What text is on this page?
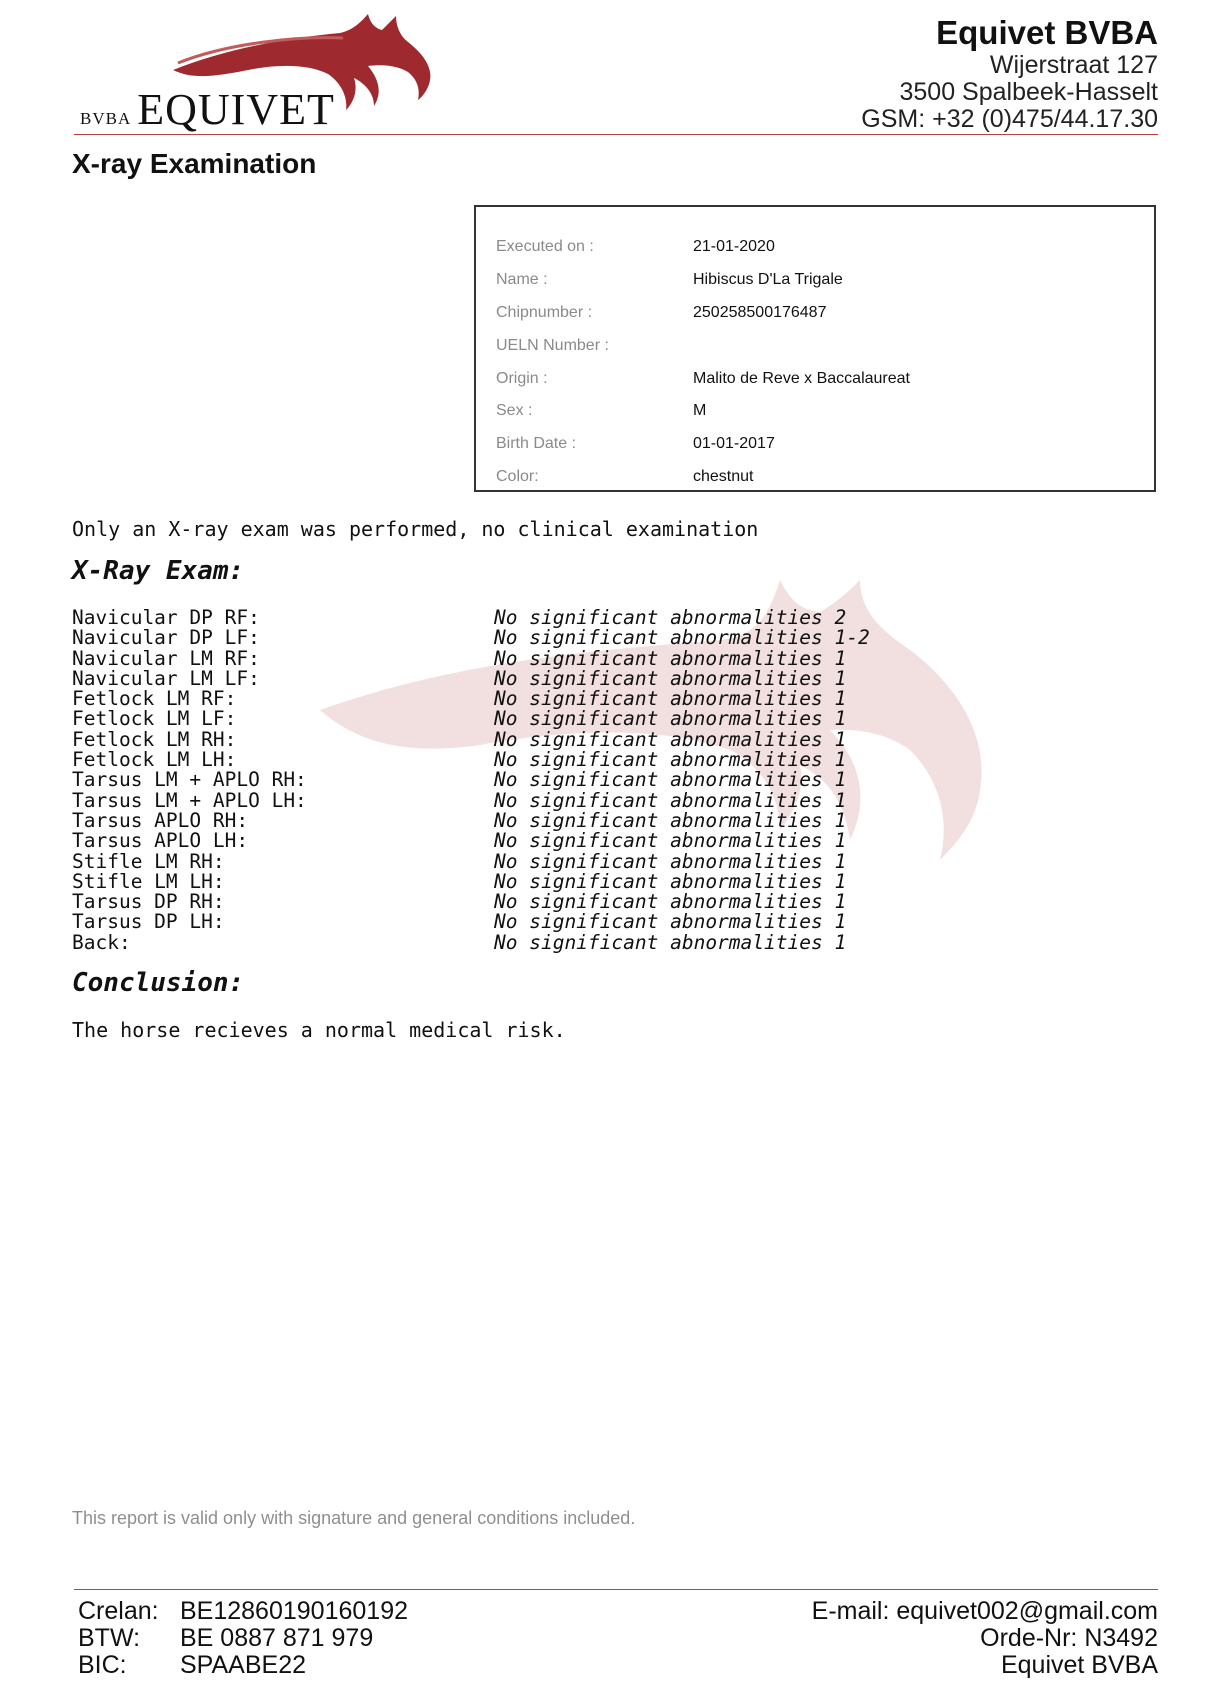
BVBA EQUIVET
Equivet BVBA
Wijerstraat 127
3500 Spalbeek-Hasselt
GSM: +32 (0)475/44.17.30
X-ray Examination
Executed on :	21-01-2020
Name :	Hibiscus D'La Trigale
Chipnumber :	250258500176487
UELN Number :
Origin :	Malito de Reve x Baccalaureat
Sex :	M
Birth Date :	01-01-2017
Color:	chestnut
Only an X-ray exam was performed, no clinical examination
X-Ray Exam:
Navicular DP RF:	No significant abnormalities 2
Navicular DP LF:	No significant abnormalities 1-2
Navicular LM RF:	No significant abnormalities 1
Navicular LM LF:	No significant abnormalities 1
Fetlock LM RF:	No significant abnormalities 1
Fetlock LM LF:	No significant abnormalities 1
Fetlock LM RH:	No significant abnormalities 1
Fetlock LM LH:	No significant abnormalities 1
Tarsus LM + APLO RH:	No significant abnormalities 1
Tarsus LM + APLO LH:	No significant abnormalities 1
Tarsus APLO RH:	No significant abnormalities 1
Tarsus APLO LH:	No significant abnormalities 1
Stifle LM RH:	No significant abnormalities 1
Stifle LM LH:	No significant abnormalities 1
Tarsus DP RH:	No significant abnormalities 1
Tarsus DP LH:	No significant abnormalities 1
Back:	No significant abnormalities 1
Conclusion:
The horse recieves a normal medical risk.
This report is valid only with signature and general conditions included.
Crelan: BE12860190160192
BTW: BE 0887 871 979
BIC: SPAABE22
E-mail: equivet002@gmail.com
Orde-Nr: N3492
Equivet BVBA
